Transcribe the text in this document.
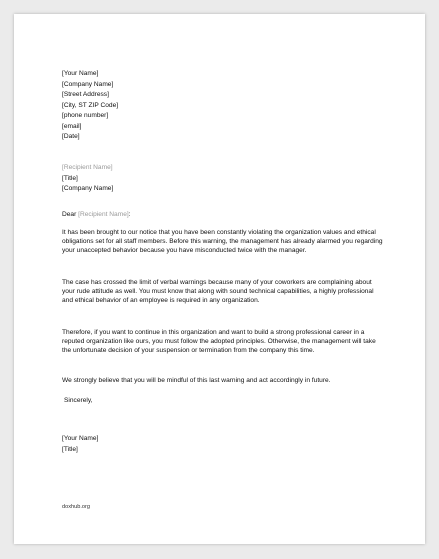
[Your Name]
[Company Name]
[Street Address]
[City, ST ZIP Code]
[phone number]
[email]
[Date]
[Recipient Name]
[Title]
[Company Name]
Dear [Recipient Name]:

It has been brought to our notice that you have been constantly violating the organization values and ethical obligations set for all staff members. Before this warning, the management has already alarmed you regarding your unaccepted behavior because you have misconducted twice with the manager.

The case has crossed the limit of verbal warnings because many of your coworkers are complaining about your rude attitude as well. You must know that along with sound technical capabilities, a highly professional and ethical behavior of an employee is required in any organization.

Therefore, if you want to continue in this organization and want to build a strong professional career in a reputed organization like ours, you must follow the adopted principles. Otherwise, the management will take the unfortunate decision of your suspension or termination from the company this time.

We strongly believe that you will be mindful of this last warning and act accordingly in future.

Sincerely,
[Your Name]
[Title]
doxhub.org
